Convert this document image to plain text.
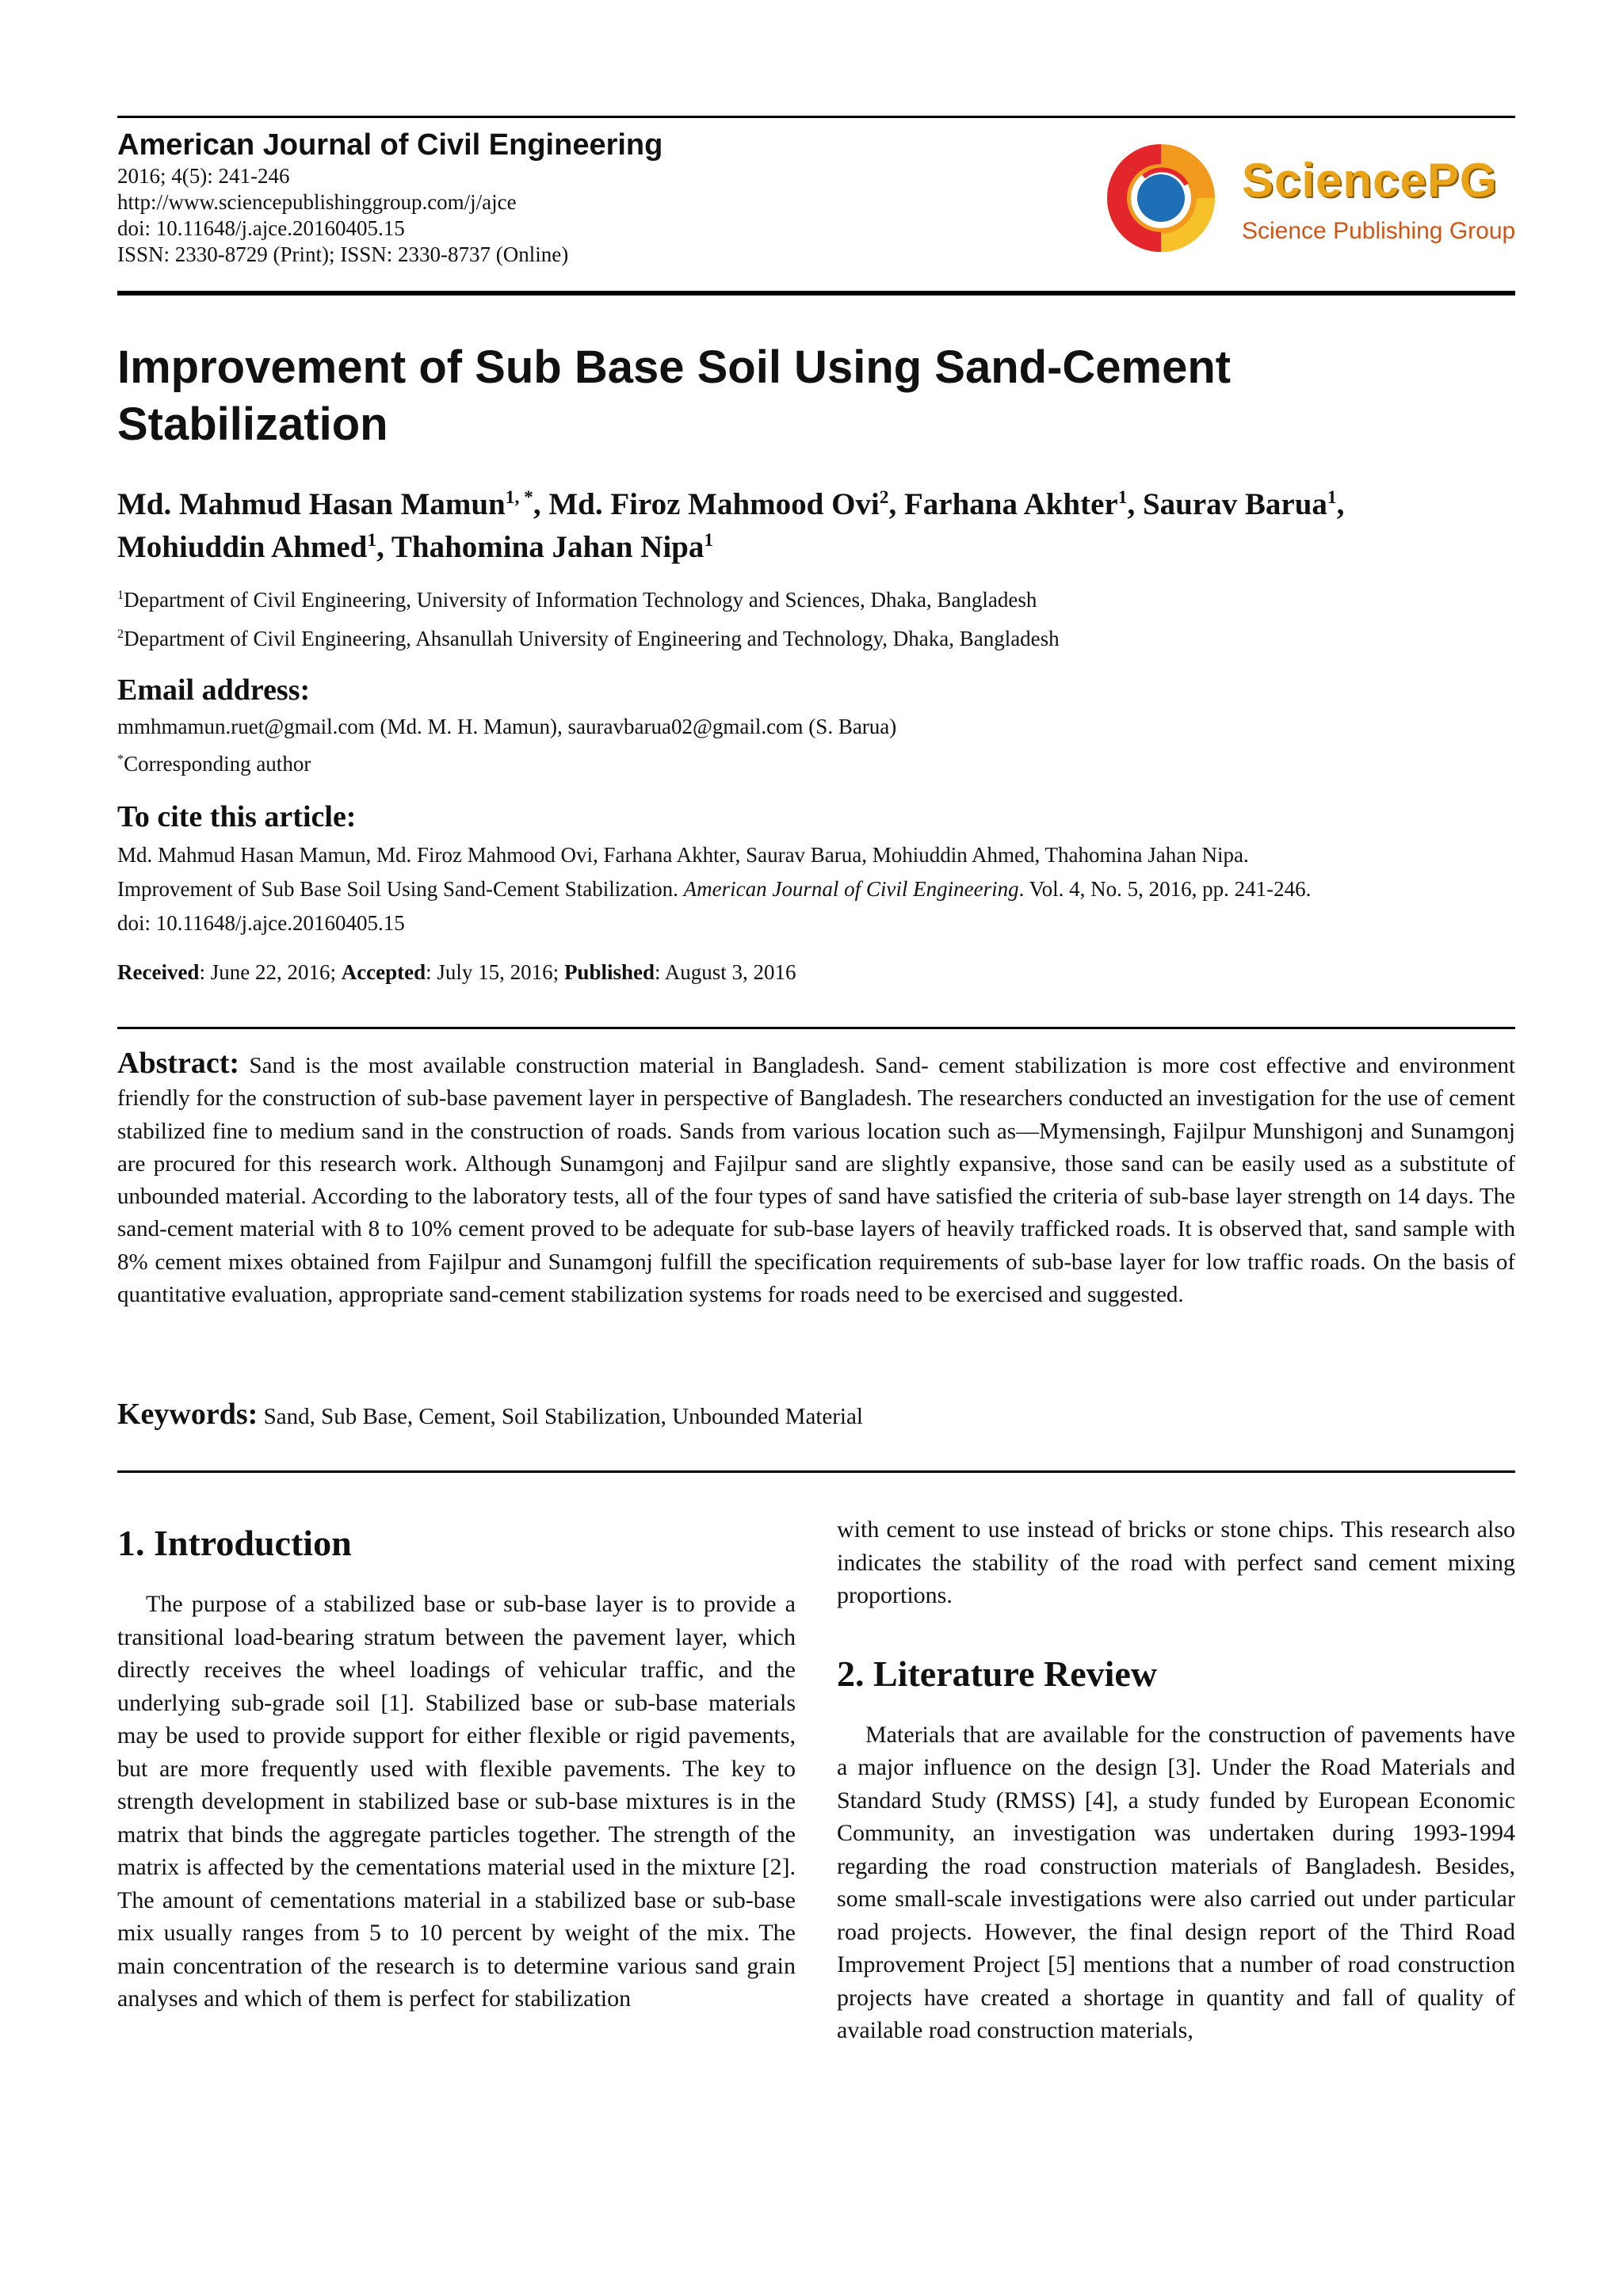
American Journal of Civil Engineering
2016; 4(5): 241-246
http://www.sciencepublishinggroup.com/j/ajce
doi: 10.11648/j.ajce.20160405.15
ISSN: 2330-8729 (Print); ISSN: 2330-8737 (Online)
SciencePG
Science Publishing Group
Improvement of Sub Base Soil Using Sand-Cement
Stabilization
Md. Mahmud Hasan Mamun$^{1, *}$, Md. Firoz Mahmood Ovi$^2$, Farhana Akhter$^1$, Saurav Barua$^1$,
Mohiuddin Ahmed$^1$, Thahomina Jahan Nipa$^1$
$^1$Department of Civil Engineering, University of Information Technology and Sciences, Dhaka, Bangladesh
$^2$Department of Civil Engineering, Ahsanullah University of Engineering and Technology, Dhaka, Bangladesh
Email address:
mmhmamun.ruet@gmail.com (Md. M. H. Mamun), sauravbarua02@gmail.com (S. Barua)
*Corresponding author
To cite this article:
Md. Mahmud Hasan Mamun, Md. Firoz Mahmood Ovi, Farhana Akhter, Saurav Barua, Mohiuddin Ahmed, Thahomina Jahan Nipa.
Improvement of Sub Base Soil Using Sand-Cement Stabilization. American Journal of Civil Engineering. Vol. 4, No. 5, 2016, pp. 241-246.
doi: 10.11648/j.ajce.20160405.15
Received: June 22, 2016; Accepted: July 15, 2016; Published: August 3, 2016
Abstract: Sand is the most available construction material in Bangladesh. Sand- cement stabilization is more cost effective and environment friendly for the construction of sub-base pavement layer in perspective of Bangladesh. The researchers conducted an investigation for the use of cement stabilized fine to medium sand in the construction of roads. Sands from various location such as—Mymensingh, Fajilpur Munshigonj and Sunamgonj are procured for this research work. Although Sunamgonj and Fajilpur sand are slightly expansive, those sand can be easily used as a substitute of unbounded material. According to the laboratory tests, all of the four types of sand have satisfied the criteria of sub-base layer strength on 14 days. The sand-cement material with 8 to 10% cement proved to be adequate for sub-base layers of heavily trafficked roads. It is observed that, sand sample with 8% cement mixes obtained from Fajilpur and Sunamgonj fulfill the specification requirements of sub-base layer for low traffic roads. On the basis of quantitative evaluation, appropriate sand-cement stabilization systems for roads need to be exercised and suggested.
Keywords: Sand, Sub Base, Cement, Soil Stabilization, Unbounded Material
1. Introduction

The purpose of a stabilized base or sub-base layer is to provide a transitional load-bearing stratum between the pavement layer, which directly receives the wheel loadings of vehicular traffic, and the underlying sub-grade soil [1]. Stabilized base or sub-base materials may be used to provide support for either flexible or rigid pavements, but are more frequently used with flexible pavements. The key to strength development in stabilized base or sub-base mixtures is in the matrix that binds the aggregate particles together. The strength of the matrix is affected by the cementations material used in the mixture [2]. The amount of cementations material in a stabilized base or sub-base mix usually ranges from 5 to 10 percent by weight of the mix. The main concentration of the research is to determine various sand grain analyses and which of them is perfect for stabilization

with cement to use instead of bricks or stone chips. This research also indicates the stability of the road with perfect sand cement mixing proportions.

2. Literature Review

Materials that are available for the construction of pavements have a major influence on the design [3]. Under the Road Materials and Standard Study (RMSS) [4], a study funded by European Economic Community, an investigation was undertaken during 1993-1994 regarding the road construction materials of Bangladesh. Besides, some small-scale investigations were also carried out under particular road projects. However, the final design report of the Third Road Improvement Project [5] mentions that a number of road construction projects have created a shortage in quantity and fall of quality of available road construction materials,
